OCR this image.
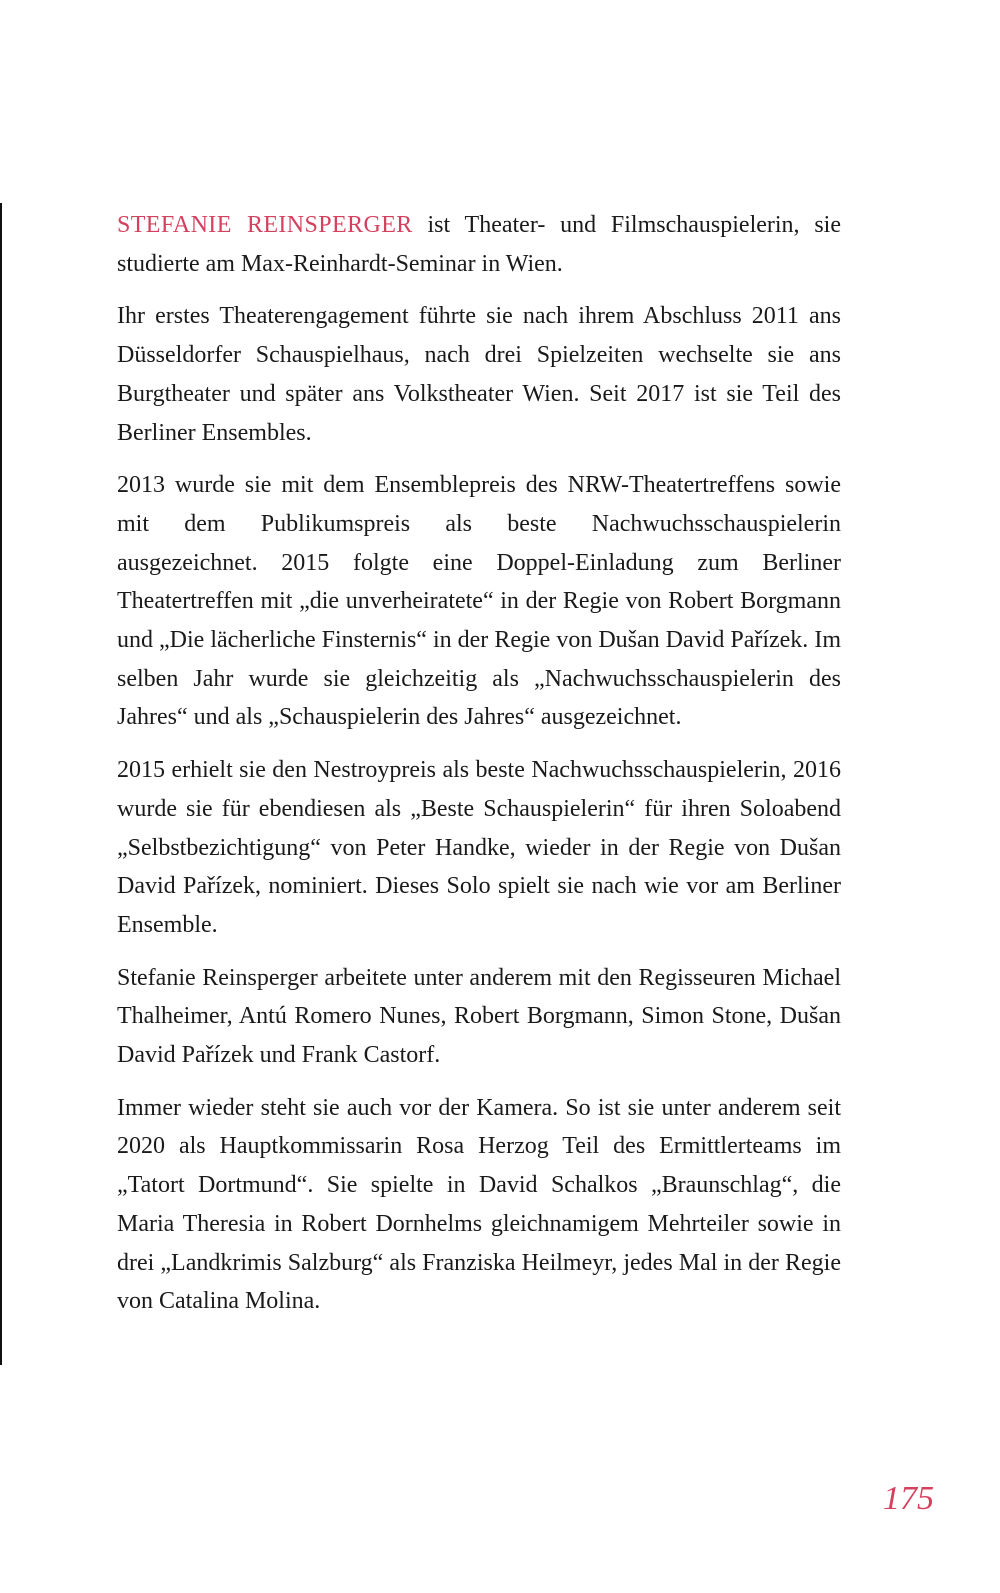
STEFANIE REINSPERGER ist Theater- und Filmschauspielerin, sie studierte am Max-Reinhardt-Seminar in Wien.

Ihr erstes Theaterengagement führte sie nach ihrem Abschluss 2011 ans Düsseldorfer Schauspielhaus, nach drei Spielzeiten wechselte sie ans Burgtheater und später ans Volkstheater Wien. Seit 2017 ist sie Teil des Berliner Ensembles.

2013 wurde sie mit dem Ensemblepreis des NRW-Theatertreffens sowie mit dem Publikumspreis als beste Nachwuchsschauspielerin ausgezeichnet. 2015 folgte eine Doppel-Einladung zum Berliner Theatertreffen mit „die unverheiratete“ in der Regie von Robert Borgmann und „Die lächerliche Finsternis“ in der Regie von Dušan David Pařízek. Im selben Jahr wurde sie gleichzeitig als „Nachwuchsschauspielerin des Jahres“ und als „Schauspielerin des Jahres“ ausgezeichnet.

2015 erhielt sie den Nestroypreis als beste Nachwuchsschauspielerin, 2016 wurde sie für ebendiesen als „Beste Schauspielerin“ für ihren Soloabend „Selbstbezichtigung“ von Peter Handke, wieder in der Regie von Dušan David Pařízek, nominiert. Dieses Solo spielt sie nach wie vor am Berliner Ensemble.

Stefanie Reinsperger arbeitete unter anderem mit den Regisseuren Michael Thalheimer, Antú Romero Nunes, Robert Borgmann, Simon Stone, Dušan David Pařízek und Frank Castorf.

Immer wieder steht sie auch vor der Kamera. So ist sie unter anderem seit 2020 als Hauptkommissarin Rosa Herzog Teil des Ermittlerteams im „Tatort Dortmund“. Sie spielte in David Schalkos „Braunschlag“, die Maria Theresia in Robert Dornhelms gleichnamigem Mehrteiler sowie in drei „Landkrimis Salzburg“ als Franziska Heilmeyr, jedes Mal in der Regie von Catalina Molina.

175
